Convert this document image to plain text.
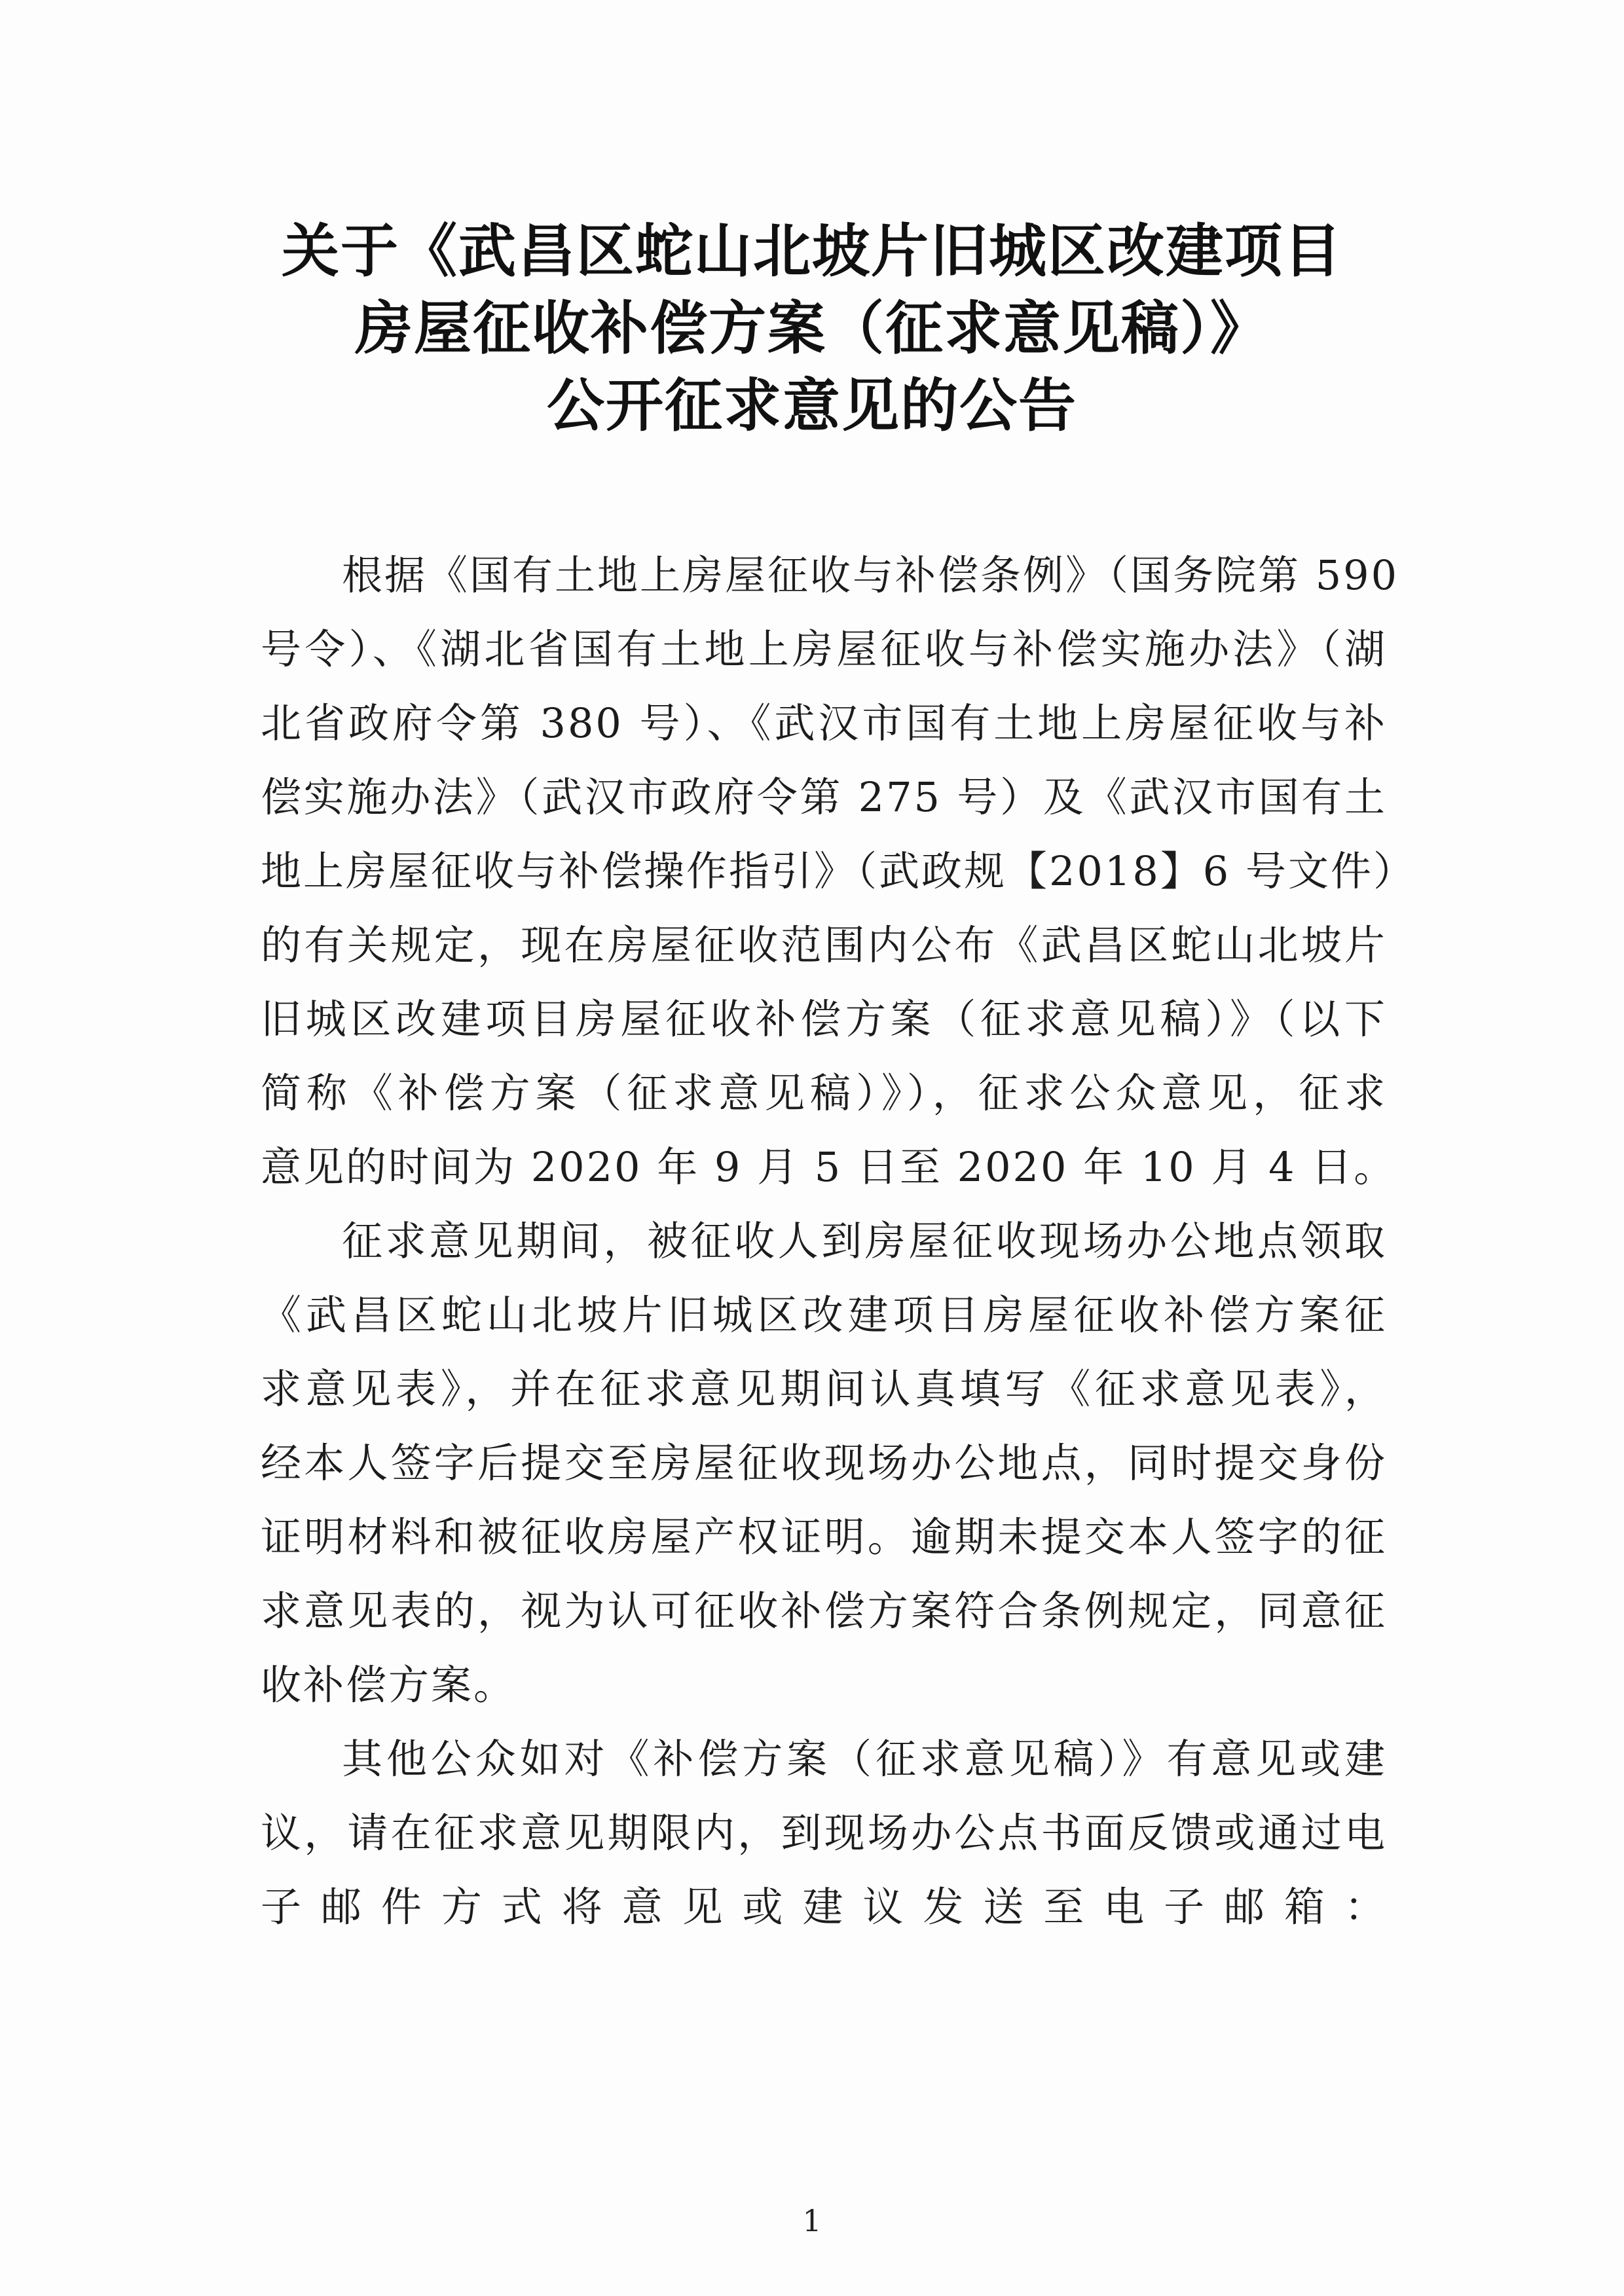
关于《武昌区蛇山北坡片旧城区改建项目
房屋征收补偿方案（征求意见稿）》
公开征求意见的公告
根据《国有土地上房屋征收与补偿条例》（国务院第 590
号令）、《湖北省国有土地上房屋征收与补偿实施办法》（湖
北省政府令第 380 号）、《武汉市国有土地上房屋征收与补
偿实施办法》（武汉市政府令第 275 号）及《武汉市国有土
地上房屋征收与补偿操作指引》（武政规【2018】6 号文件）
的有关规定，现在房屋征收范围内公布《武昌区蛇山北坡片
旧城区改建项目房屋征收补偿方案（征求意见稿）》（以下
简称《补偿方案（征求意见稿）》），征求公众意见，征求
意见的时间为 2020 年 9 月 5 日至 2020 年 10 月 4 日。
征求意见期间，被征收人到房屋征收现场办公地点领取
《武昌区蛇山北坡片旧城区改建项目房屋征收补偿方案征
求意见表》，并在征求意见期间认真填写《征求意见表》，
经本人签字后提交至房屋征收现场办公地点，同时提交身份
证明材料和被征收房屋产权证明。逾期未提交本人签字的征
求意见表的，视为认可征收补偿方案符合条例规定，同意征
收补偿方案。
其他公众如对《补偿方案（征求意见稿）》有意见或建
议，请在征求意见期限内，到现场办公点书面反馈或通过电
子邮件方式将意见或建议发送至电子邮箱：
1
